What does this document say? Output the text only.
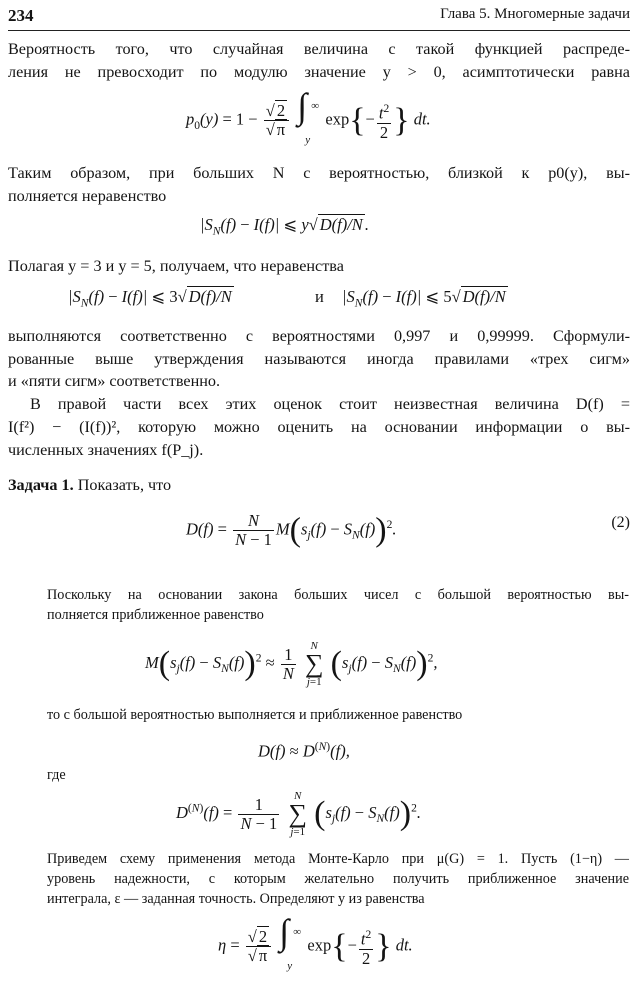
234	Глава 5. Многомерные задачи
Вероятность того, что случайная величина с такой функцией распреде-
ления не превосходит по модулю значение y > 0, асимптотически равна
$p_0(y) = 1 - \frac{√ 2}{√ \pi}$
∫ ∞
y
$\exp\{- \frac{t^2}{2}$ } dt.
Таким образом, при больших N с вероятностью, близкой к p0(y), вы-
полняется неравенство
$|S_N(f) - I(f)|$ ⩽ y√ D(f)/N .
Полагая y = 3 и y = 5, получаем, что неравенства
$|S_N(f) - I(f)|$ ⩽ 3√ D(f)/N	и $|S_N(f) - I(f)|$ ⩽ 5√ D(f)/N
выполняются соответственно с вероятностями 0,997 и 0,99999. Сформули-
рованные выше утверждения называются иногда правилами «трех сигм»
и «пяти сигм» соответственно.
В правой части всех этих оценок стоит неизвестная величина D(f) =
I(f²) − (I(f))², которую можно оценить на основании информации о вы-
численных значениях f(P_j).
Задача 1. Показать, что
$D(f) = \frac{N}{N - 1} M(s_j(f) - S_N(f))^2$.	(2)
Поскольку на основании закона больших чисел с большой вероятностью вы-
полняется приближенное равенство
$M(s_j(f) - S_N(f))^2 \approx \frac{1}{N}$
	N
∑
j=1 $(s_j(f) - S_N(f))^2$,
то с большой вероятностью выполняется и приближенное равенство
$D(f) \approx D^{(N)}(f)$,
где
$D^{(N)}(f) = \frac{1}{N - 1}$
	N
∑
j=1 $(s_j(f) - S_N(f))^2$.
Приведем схему применения метода Монте-Карло при μ(G) = 1. Пусть (1−η) —
уровень надежности, с которым желательно получить приближенное значение
интеграла, ε — заданная точность. Определяют y из равенства
$\eta = \frac{√ 2}{√ \pi}$
∫ ∞
y
$\exp\{- \frac{t^2}{2}$ } dt.
